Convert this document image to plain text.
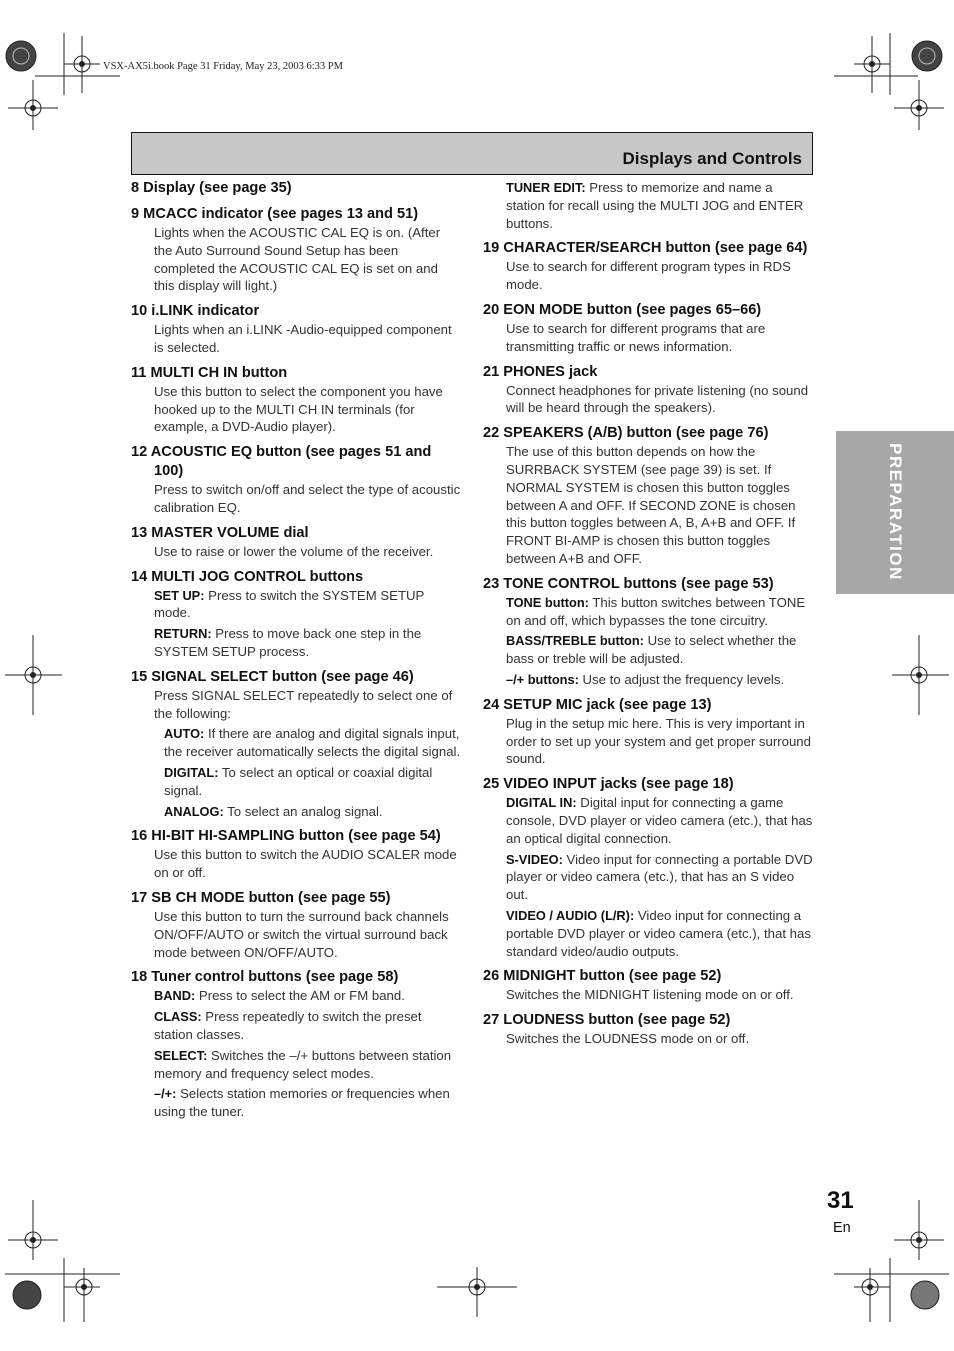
VSX-AX5i.book Page 31 Friday, May 23, 2003 6:33 PM
Displays and Controls
PREPARATION
8 Display (see page 35)
9 MCACC indicator (see pages 13 and 51)

Lights when the ACOUSTIC CAL EQ is on. (After the Auto Surround Sound Setup has been completed the ACOUSTIC CAL EQ is set on and this display will light.)

10 i.LINK indicator

Lights when an i.LINK -Audio-equipped component is selected.

11 MULTI CH IN button

Use this button to select the component you have hooked up to the MULTI CH IN terminals (for example, a DVD-Audio player).

12 ACOUSTIC EQ button (see pages 51 and 100)

Press to switch on/off and select the type of acoustic calibration EQ.

13 MASTER VOLUME dial

Use to raise or lower the volume of the receiver.

14 MULTI JOG CONTROL buttons

SET UP: Press to switch the SYSTEM SETUP mode.

RETURN: Press to move back one step in the SYSTEM SETUP process.

15 SIGNAL SELECT button (see page 46)

Press SIGNAL SELECT repeatedly to select one of the following:

AUTO: If there are analog and digital signals input, the receiver automatically selects the digital signal.

DIGITAL: To select an optical or coaxial digital signal.

ANALOG: To select an analog signal.

16 HI-BIT HI-SAMPLING button (see page 54)

Use this button to switch the AUDIO SCALER mode on or off.

17 SB CH MODE button (see page 55)

Use this button to turn the surround back channels ON/OFF/AUTO or switch the virtual surround back mode between ON/OFF/AUTO.

18 Tuner control buttons (see page 58)

BAND: Press to select the AM or FM band.

CLASS: Press repeatedly to switch the preset station classes.

SELECT: Switches the –/+ buttons between station memory and frequency select modes.

–/+: Selects station memories or frequencies when using the tuner.

TUNER EDIT: Press to memorize and name a station for recall using the MULTI JOG and ENTER buttons.

19 CHARACTER/SEARCH button (see page 64)

Use to search for different program types in RDS mode.

20 EON MODE button (see pages 65–66)

Use to search for different programs that are transmitting traffic or news information.

21 PHONES jack

Connect headphones for private listening (no sound will be heard through the speakers).

22 SPEAKERS (A/B) button (see page 76)

The use of this button depends on how the SURRBACK SYSTEM (see page 39) is set. If NORMAL SYSTEM is chosen this button toggles between A and OFF. If SECOND ZONE is chosen this button toggles between A, B, A+B and OFF. If FRONT BI-AMP is chosen this button toggles between A+B and OFF.

23 TONE CONTROL buttons (see page 53)

TONE button: This button switches between TONE on and off, which bypasses the tone circuitry.

BASS/TREBLE button: Use to select whether the bass or treble will be adjusted.

–/+ buttons: Use to adjust the frequency levels.

24 SETUP MIC jack (see page 13)

Plug in the setup mic here. This is very important in order to set up your system and get proper surround sound.

25 VIDEO INPUT jacks (see page 18)

DIGITAL IN: Digital input for connecting a game console, DVD player or video camera (etc.), that has an optical digital connection.

S-VIDEO: Video input for connecting a portable DVD player or video camera (etc.), that has an S video out.

VIDEO / AUDIO (L/R): Video input for connecting a portable DVD player or video camera (etc.), that has standard video/audio outputs.

26 MIDNIGHT button (see page 52)

Switches the MIDNIGHT listening mode on or off.

27 LOUDNESS button (see page 52)

Switches the LOUDNESS mode on or off.

31
En
